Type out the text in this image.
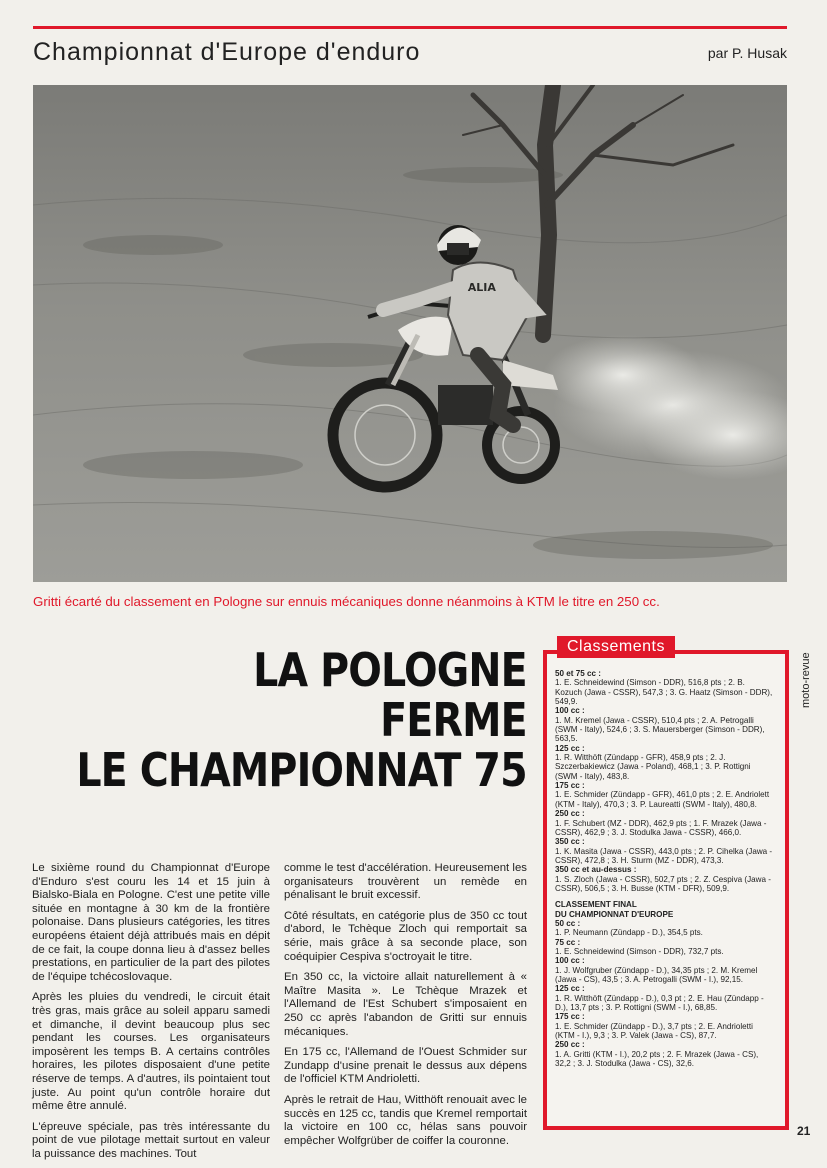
Championnat d'Europe d'enduro	par P. Husak
ITALIA
Gritti écarté du classement en Pologne sur ennuis mécaniques donne néanmoins à KTM le titre en 250 cc.
LA POLOGNE
FERME
LE CHAMPIONNAT 75

Le sixième round du Championnat d'Europe d'Enduro s'est couru les 14 et 15 juin à Bialsko-Biala en Pologne. C'est une petite ville située en montagne à 30 km de la frontière polonaise. Dans plusieurs catégories, les titres européens étaient déjà attribués mais en dépit de ce fait, la coupe donna lieu à d'assez belles prestations, en particulier de la part des pilotes de l'équipe tchécoslovaque.

Après les pluies du vendredi, le circuit était très gras, mais grâce au soleil apparu samedi et dimanche, il devint beaucoup plus sec pendant les courses. Les organisateurs imposèrent les temps B. A certains contrôles horaires, les pilotes disposaient d'une petite réserve de temps. A d'autres, ils pointaient tout juste. Au point qu'un contrôle horaire dut même être annulé.

L'épreuve spéciale, pas très intéressante du point de vue pilotage mettait surtout en valeur la puissance des machines. Tout

comme le test d'accélération. Heureusement les organisateurs trouvèrent un remède en pénalisant le bruit excessif.

Côté résultats, en catégorie plus de 350 cc tout d'abord, le Tchèque Zloch qui remportait sa série, mais grâce à sa seconde place, son coéquipier Cespiva s'octroyait le titre.

En 350 cc, la victoire allait naturellement à « Maître Masita ». Le Tchèque Mrazek et l'Allemand de l'Est Schubert s'imposaient en 250 cc après l'abandon de Gritti sur ennuis mécaniques.

En 175 cc, l'Allemand de l'Ouest Schmider sur Zundapp d'usine prenait le dessus aux dépens de l'officiel KTM Andrioletti.

Après le retrait de Hau, Witthöft renouait avec le succès en 125 cc, tandis que Kremel remportait la victoire en 100 cc, hélas sans pouvoir empêcher Wolfgrüber de coiffer la couronne.

Classements
50 et 75 cc :
1. E. Schneidewind (Simson - DDR), 516,8 pts ; 2. B. Kozuch (Jawa - CSSR), 547,3 ; 3. G. Haatz (Simson - DDR), 549,9.
100 cc :
1. M. Kremel (Jawa - CSSR), 510,4 pts ; 2. A. Petrogalli (SWM - Italy), 524,6 ; 3. S. Mauersberger (Simson - DDR), 563,5.
125 cc :
1. R. Witthöft (Zündapp - GFR), 458,9 pts ; 2. J. Szczerbakiewicz (Jawa - Poland), 468,1 ; 3. P. Rottigni (SWM - Italy), 483,8.
175 cc :
1. E. Schmider (Zündapp - GFR), 461,0 pts ; 2. E. Andriolett (KTM - Italy), 470,3 ; 3. P. Laureatti (SWM - Italy), 480,8.
250 cc :
1. F. Schubert (MZ - DDR), 462,9 pts ; 1. F. Mrazek (Jawa - CSSR), 462,9 ; 3. J. Stodulka Jawa - CSSR), 466,0.
350 cc :
1. K. Masita (Jawa - CSSR), 443,0 pts ; 2. P. Cihelka (Jawa - CSSR), 472,8 ; 3. H. Sturm (MZ - DDR), 473,3.
350 cc et au-dessus :
1. S. Zloch (Jawa - CSSR), 502,7 pts ; 2. Z. Cespiva (Jawa - CSSR), 506,5 ; 3. H. Busse (KTM - DFR), 509,9.
CLASSEMENT FINAL
DU CHAMPIONNAT D'EUROPE
50 cc :
1. P. Neumann (Zündapp - D.), 354,5 pts.
75 cc :
1. E. Schneidewind (Simson - DDR), 732,7 pts.
100 cc :
1. J. Wolfgruber (Zündapp - D.), 34,35 pts ; 2. M. Kremel (Jawa - CS), 43,5 ; 3. A. Petrogalli (SWM - I.), 92,15.
125 cc :
1. R. Witthöft (Zündapp - D.), 0,3 pt ; 2. E. Hau (Zündapp - D.), 13,7 pts ; 3. P. Rottigni (SWM - I.), 68,85.
175 cc :
1. E. Schmider (Zündapp - D.), 3,7 pts ; 2. E. Andrioletti (KTM - I.), 9,3 ; 3. P. Valek (Jawa - CS), 87,7.
250 cc :
1. A. Gritti (KTM - I.), 20,2 pts ; 2. F. Mrazek (Jawa - CS), 32,2 ; 3. J. Stodulka (Jawa - CS), 32,6.
moto-revue
21
